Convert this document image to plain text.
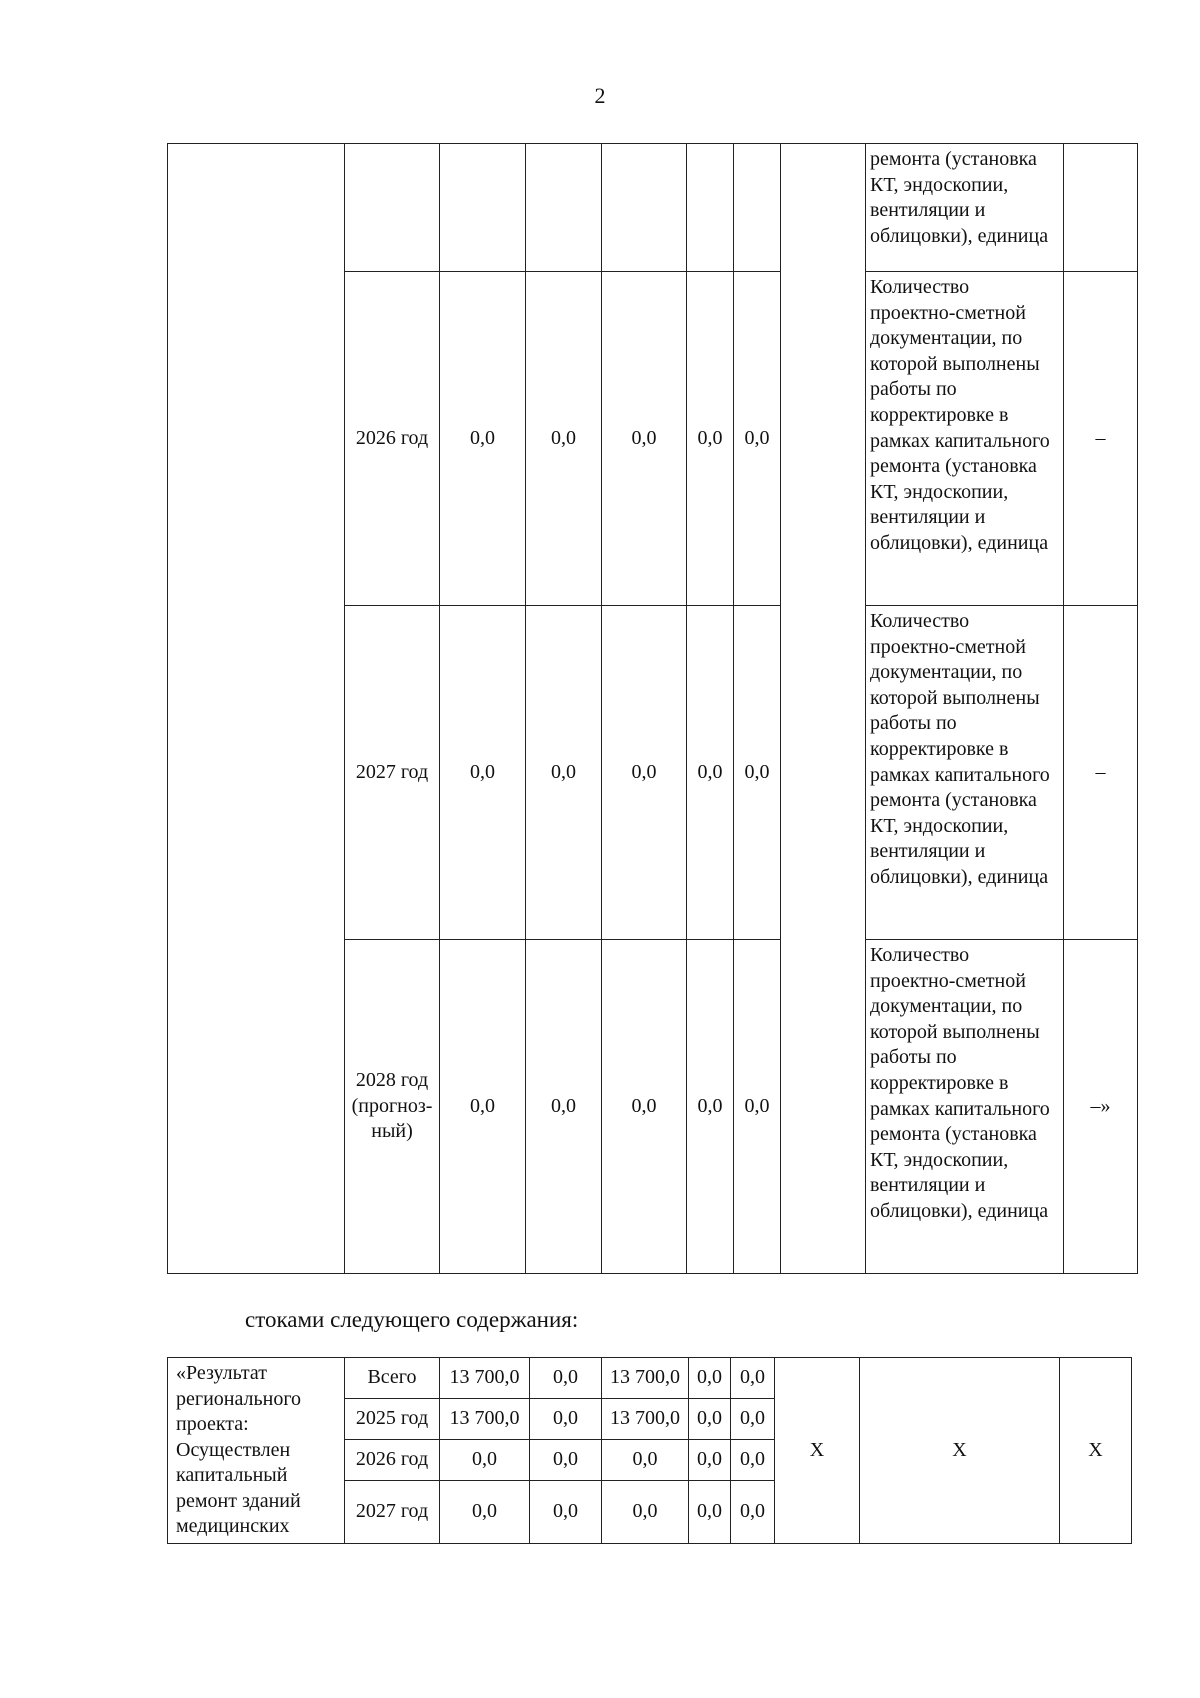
2
								ремонта (установка КТ, эндоскопии, вентиляции и облицовки), единица	
	2026 год	0,0	0,0	0,0	0,0	0,0		Количество проектно-сметной документации, по которой выполнены работы по корректировке в рамках капитального ремонта (установка КТ, эндоскопии, вентиляции и облицовки), единица	–
	2027 год	0,0	0,0	0,0	0,0	0,0		Количество проектно-сметной документации, по которой выполнены работы по корректировке в рамках капитального ремонта (установка КТ, эндоскопии, вентиляции и облицовки), единица	–
	2028 год (прогноз-ный)	0,0	0,0	0,0	0,0	0,0		Количество проектно-сметной документации, по которой выполнены работы по корректировке в рамках капитального ремонта (установка КТ, эндоскопии, вентиляции и облицовки), единица	–»
стоками следующего содержания:
«Результат регионального проекта: Осуществлен капитальный ремонт зданий медицинских	Всего	13 700,0	0,0	13 700,0	0,0	0,0	X	X	X
	2025 год	13 700,0	0,0	13 700,0	0,0	0,0			
	2026 год	0,0	0,0	0,0	0,0	0,0			
	2027 год	0,0	0,0	0,0	0,0	0,0			
